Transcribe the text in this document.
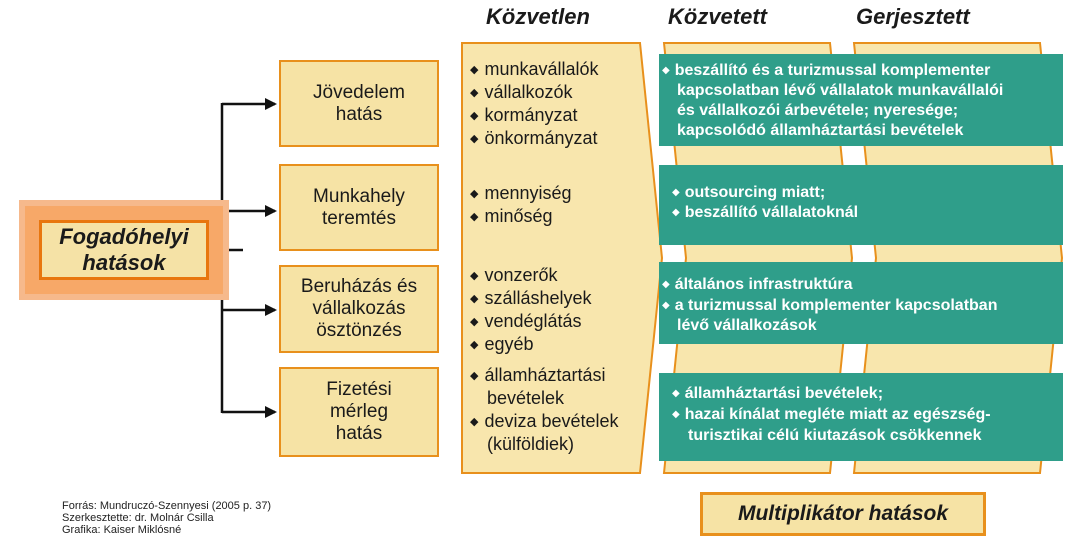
Közvetlen	Közvetett	Gerjesztett
Fogadóhelyi
hatások
Jövedelem
hatás
Munkahely
teremtés
Beruházás és
vállalkozás
ösztönzés
Fizetési
mérleg
hatás
◆ munkavállalók
◆ vállalkozók
◆ kormányzat
◆ önkormányzat
◆ mennyiség
◆ minőség
◆ vonzerők
◆ szálláshelyek
◆ vendéglátás
◆ egyéb
◆ államháztartási
bevételek
◆ deviza bevételek
(külföldiek)
◆ beszállító és a turizmussal komplementer
kapcsolatban lévő vállalatok munkavállalói
és vállalkozói árbevétele; nyeresége;
kapcsolódó államháztartási bevételek
◆ outsourcing miatt;
◆ beszállító vállalatoknál
◆ általános infrastruktúra
◆ a turizmussal komplementer kapcsolatban
lévő vállalkozások
◆ államháztartási bevételek;
◆ hazai kínálat megléte miatt az egészség-
turisztikai célú kiutazások csökkennek
Multiplikátor hatások
Forrás: Mundruczó-Szennyesi (2005 p. 37)
Szerkesztette: dr. Molnár Csilla
Grafika: Kaiser Miklósné
